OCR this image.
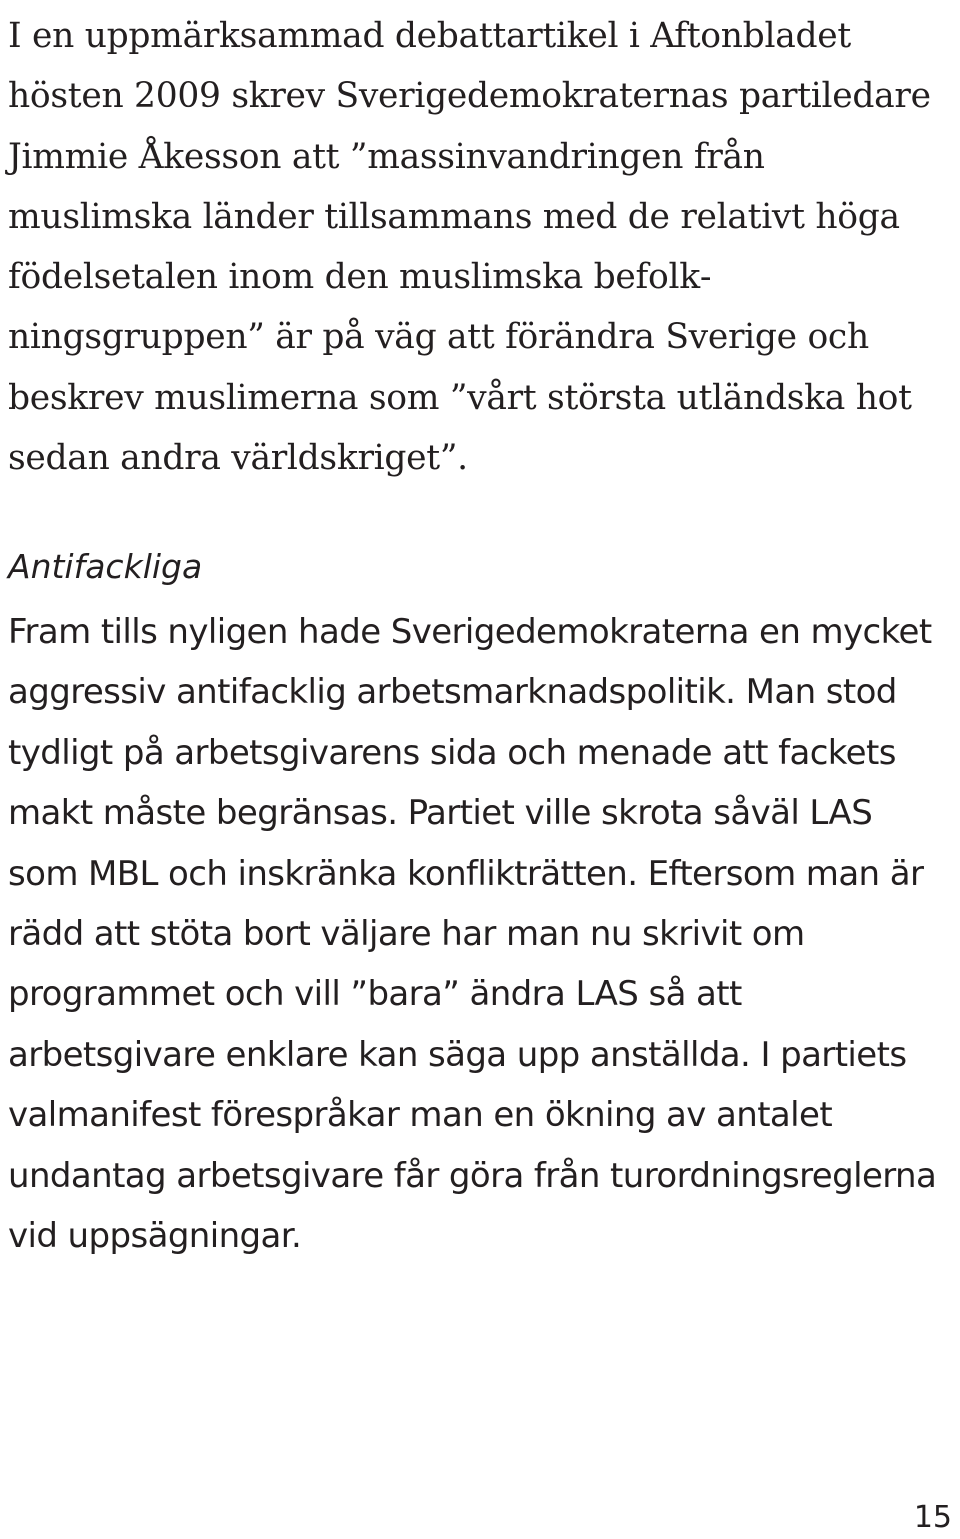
I en uppmärksammad debattartikel i Aftonbladet hösten 2009 skrev Sverigedemokraternas partiledare Jimmie Åkesson att ”massinvandringen från muslimska länder tillsammans med de relativt höga födelsetalen inom den muslimska befolkningsgruppen” är på väg att förändra Sverige och beskrev muslimerna som ”vårt största utländska hot sedan andra världskriget”.

Antifackliga

Fram tills nyligen hade Sverigedemokraterna en mycket aggressiv antifacklig arbetsmarknadspolitik. Man stod tydligt på arbetsgivarens sida och menade att fackets makt måste begränsas. Partiet ville skrota såväl LAS som MBL och inskränka konflikträtten. Eftersom man är rädd att stöta bort väljare har man nu skrivit om programmet och vill ”bara” ändra LAS så att arbetsgivare enklare kan säga upp anställda. I partiets valmanifest förespråkar man en ökning av antalet undantag arbetsgivare får göra från turordningsreglerna vid uppsägningar.

15
